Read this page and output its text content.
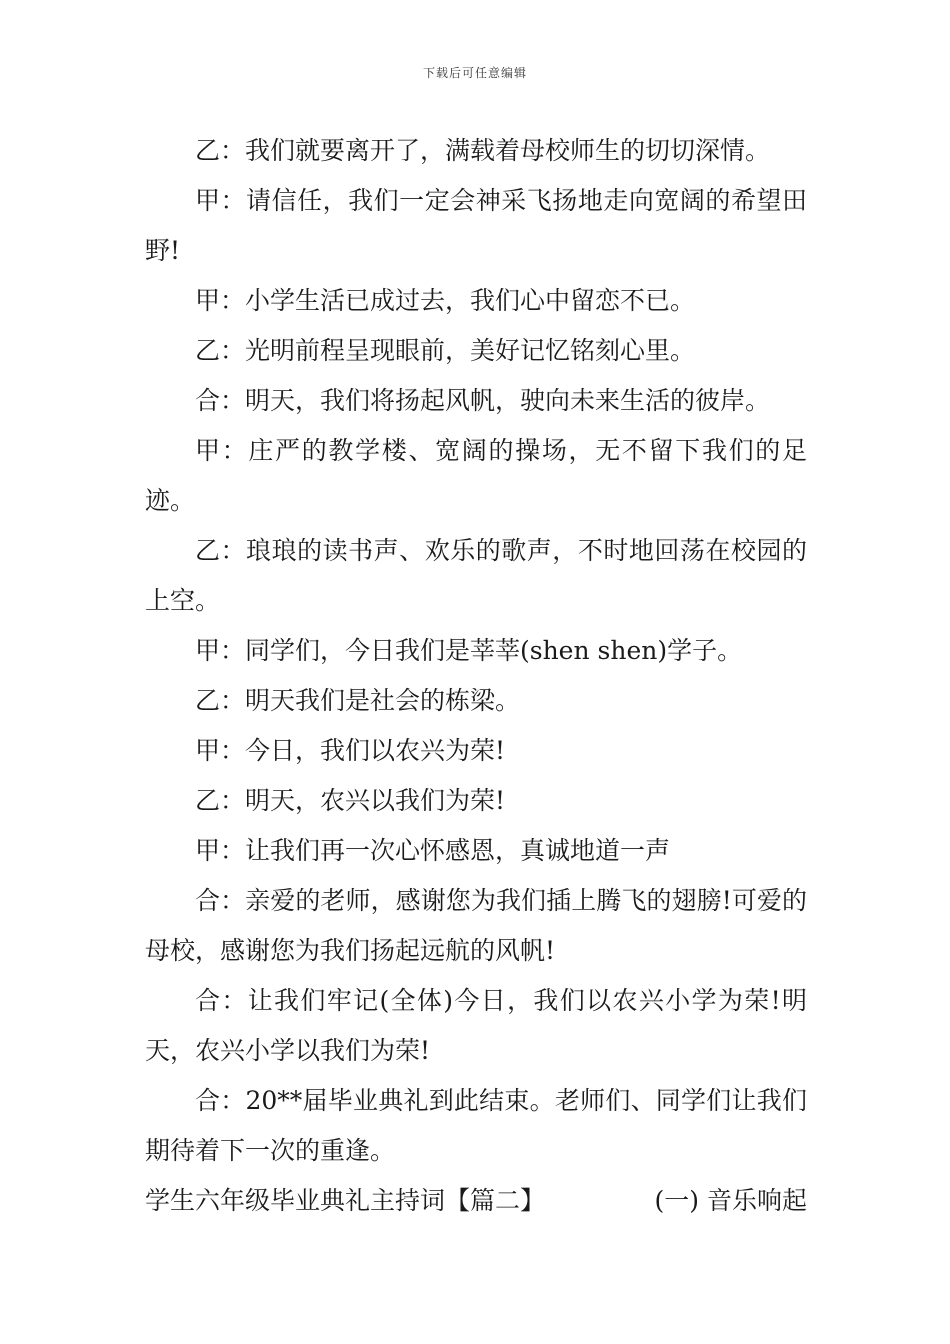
下载后可任意编辑

乙：我们就要离开了，满载着母校师生的切切深情。

甲：请信任，我们一定会神采飞扬地走向宽阔的希望田野!

甲：小学生活已成过去，我们心中留恋不已。

乙：光明前程呈现眼前，美好记忆铭刻心里。

合：明天，我们将扬起风帆，驶向未来生活的彼岸。

甲：庄严的教学楼、宽阔的操场，无不留下我们的足迹。

乙：琅琅的读书声、欢乐的歌声，不时地回荡在校园的上空。

甲：同学们，今日我们是莘莘(shen shen)学子。

乙：明天我们是社会的栋梁。

甲：今日，我们以农兴为荣!

乙：明天，农兴以我们为荣!

甲：让我们再一次心怀感恩，真诚地道一声

合：亲爱的老师，感谢您为我们插上腾飞的翅膀!可爱的母校，感谢您为我们扬起远航的风帆!

合：让我们牢记(全体)今日，我们以农兴小学为荣!明天，农兴小学以我们为荣!

合：20**届毕业典礼到此结束。老师们、同学们让我们期待着下一次的重逢。

学生六年级毕业典礼主持词【篇二】	(一) 音乐响起
